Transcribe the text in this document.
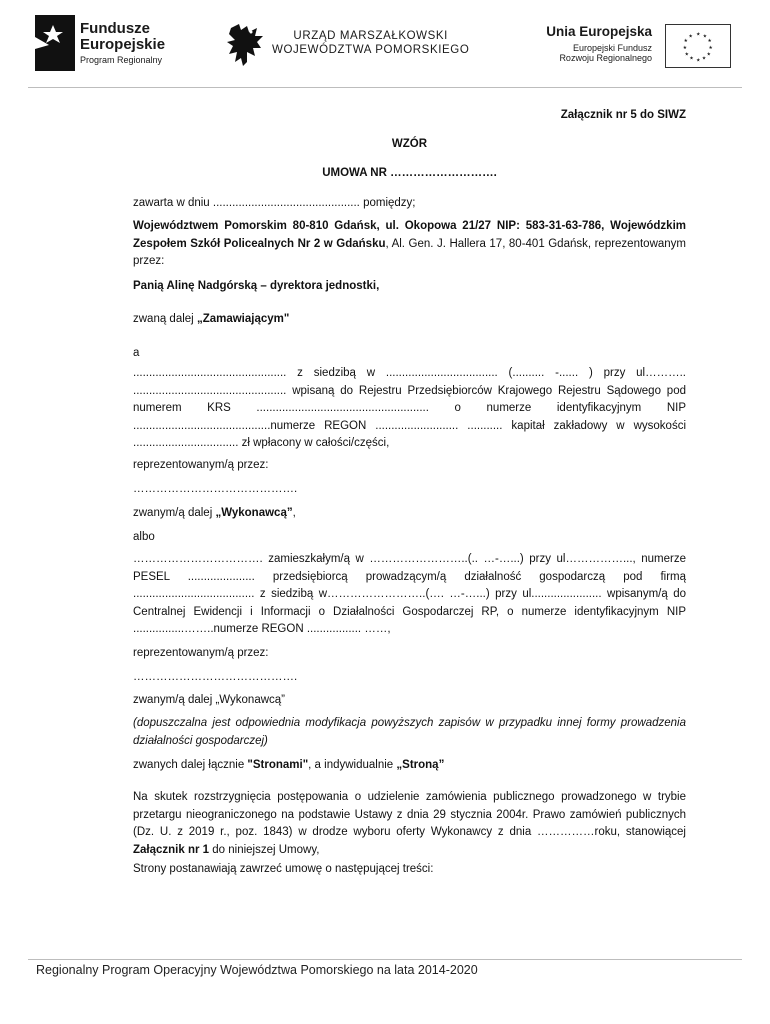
Fundusze
Europejskie
Program Regionalny
URZĄD MARSZAŁKOWSKI
WOJEWÓDZTWA POMORSKIEGO
Unia Europejska
Europejski Fundusz
Rozwoju Regionalnego
★ ★
★
★
★
★
★
★
★
★
★
★

Załącznik nr 5 do SIWZ

WZÓR

UMOWA NR ……………………….

zawarta w dniu .............................................. pomiędzy;

Województwem Pomorskim 80-810 Gdańsk, ul. Okopowa 21/27 NIP: 583-31-63-786, Wojewódzkim Zespołem Szkół Policealnych Nr 2 w Gdańsku, Al. Gen. J. Hallera 17, 80-401 Gdańsk, reprezentowanym przez:

Panią Alinę Nadgórską – dyrektora jednostki,

zwaną dalej „Zamawiającym"

a

................................................ z siedzibą w ................................... (.......... -...... ) przy ul……….. ................................................ wpisaną do Rejestru Przedsiębiorców Krajowego Rejestru Sądowego pod numerem KRS ...................................................... o numerze identyfikacyjnym NIP ...........................................numerze REGON .......................... ........... kapitał zakładowy w wysokości ................................. zł wpłacony w całości/części,

reprezentowanym/ą przez:

…………………………………….

zwanym/ą dalej „Wykonawcą”,

albo

……………………………. zamieszkałym/ą w ……………………..(.. …-…...) przy ul……………..., numerze PESEL ..................... przedsiębiorcą prowadzącym/ą działalność gospodarczą pod firmą ...................................... z siedzibą w……………………..(…. …-…...) przy ul...................... wpisanym/ą do Centralnej Ewidencji i Informacji o Działalności Gospodarczej RP, o numerze identyfikacyjnym NIP ................……..numerze REGON ................. ……,

reprezentowanym/ą przez:

…………………………………….

zwanym/ą dalej „Wykonawcą”

(dopuszczalna jest odpowiednia modyfikacja powyższych zapisów w przypadku innej formy prowadzenia działalności gospodarczej)

zwanych dalej łącznie "Stronami", a indywidualnie „Stroną”

Na skutek rozstrzygnięcia postępowania o udzielenie zamówienia publicznego prowadzonego w trybie przetargu nieograniczonego na podstawie Ustawy z dnia 29 stycznia 2004r. Prawo zamówień publicznych (Dz. U. z 2019 r., poz. 1843) w drodze wyboru oferty Wykonawcy z dnia ……………roku, stanowiącej Załącznik nr 1 do niniejszej Umowy,

Strony postanawiają zawrzeć umowę o następującej treści:

Regionalny Program Operacyjny Województwa Pomorskiego na lata 2014-2020
